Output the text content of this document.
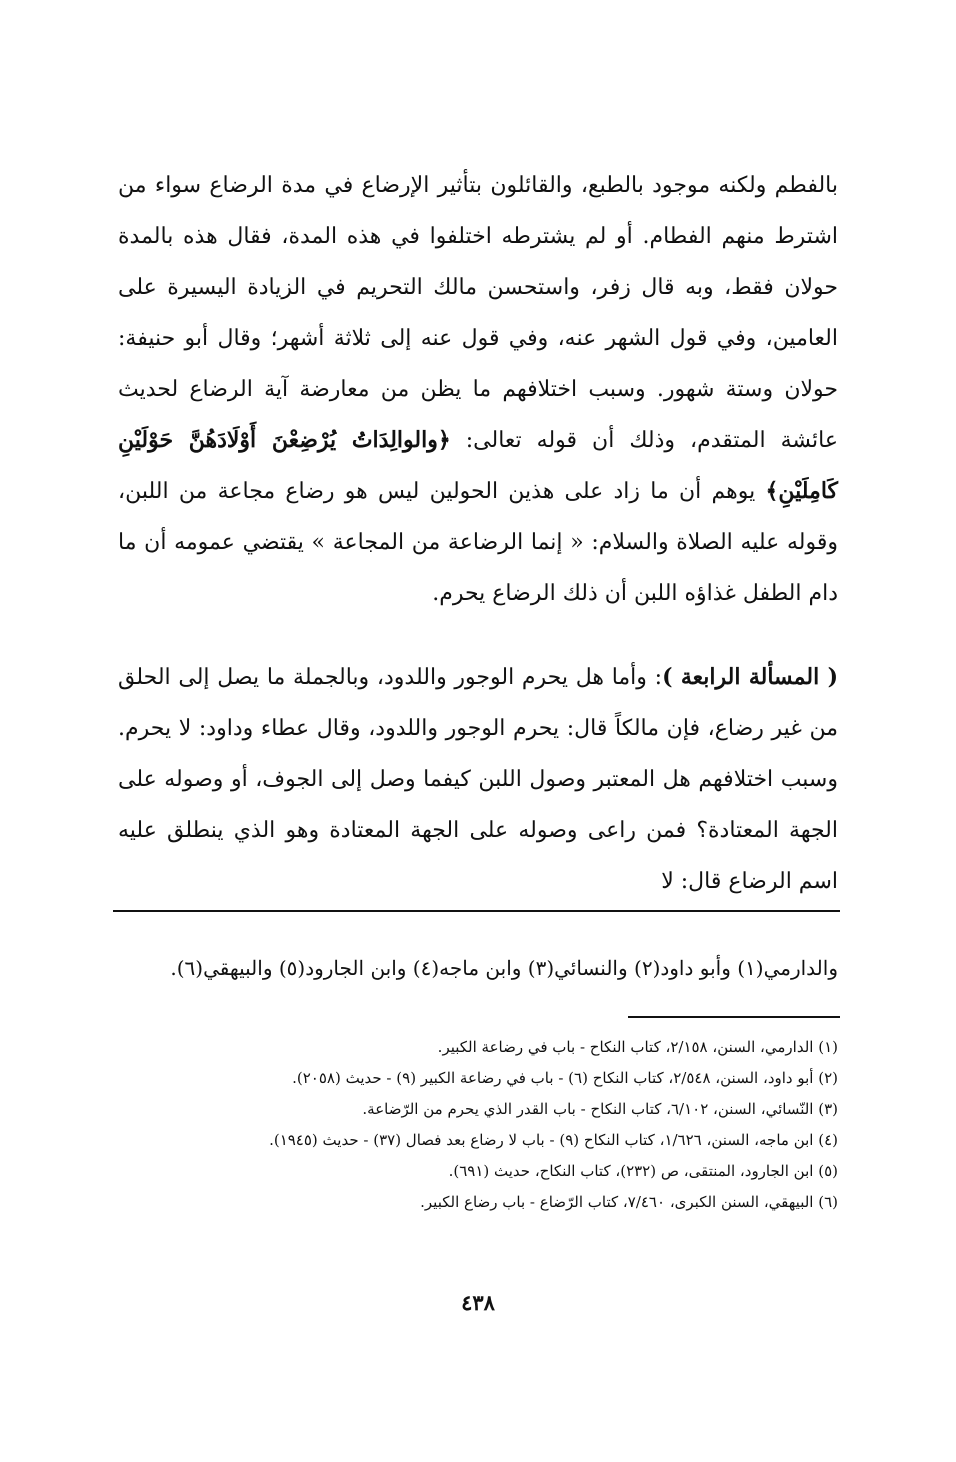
بالفطم ولكنه موجود بالطبع، والقائلون بتأثير الإرضاع في مدة الرضاع سواء من اشترط منهم الفطام. أو لم يشترطه اختلفوا في هذه المدة، فقال هذه بالمدة حولان فقط، وبه قال زفر، واستحسن مالك التحريم في الزيادة اليسيرة على العامين، وفي قول الشهر عنه، وفي قول عنه إلى ثلاثة أشهر؛ وقال أبو حنيفة: حولان وستة شهور. وسبب اختلافهم ما يظن من معارضة آية الرضاع لحديث عائشة المتقدم، وذلك أن قوله تعالى: ﴿والوالِدَاتُ يُرْضِعْنَ أَوْلَادَهُنَّ حَوْلَيْنِ كَامِلَيْنِ﴾ يوهم أن ما زاد على هذين الحولين ليس هو رضاع مجاعة من اللبن، وقوله عليه الصلاة والسلام: « إنما الرضاعة من المجاعة » يقتضي عمومه أن ما دام الطفل غذاؤه اللبن أن ذلك الرضاع يحرم.

( المسألة الرابعة ): وأما هل يحرم الوجور واللدود، وبالجملة ما يصل إلى الحلق من غير رضاع، فإن مالكاً قال: يحرم الوجور واللدود، وقال عطاء وداود: لا يحرم. وسبب اختلافهم هل المعتبر وصول اللبن كيفما وصل إلى الجوف، أو وصوله على الجهة المعتادة؟ فمن راعى وصوله على الجهة المعتادة وهو الذي ينطلق عليه اسم الرضاع قال: لا

والدارمي(١) وأبو داود(٢) والنسائي(٣) وابن ماجه(٤) وابن الجارود(٥) والبيهقي(٦).

(١) الدارمي، السنن، ٢/١٥٨، كتاب النكاح - باب في رضاعة الكبير.
(٢) أبو داود، السنن، ٢/٥٤٨، كتاب النكاح (٦) - باب في رضاعة الكبير (٩) - حديث (٢٠٥٨).
(٣) النّسائي، السنن، ٦/١٠٢، كتاب النكاح - باب القدر الذي يحرم من الرّضاعة.
(٤) ابن ماجه، السنن، ١/٦٢٦، كتاب النكاح (٩) - باب لا رضاع بعد فصال (٣٧) - حديث (١٩٤٥).
(٥) ابن الجارود، المنتقى، ص (٢٣٢)، كتاب النكاح، حديث (٦٩١).
(٦) البيهقي، السنن الكبرى، ٧/٤٦٠، كتاب الرّضاع - باب رضاع الكبير.
٤٣٨
